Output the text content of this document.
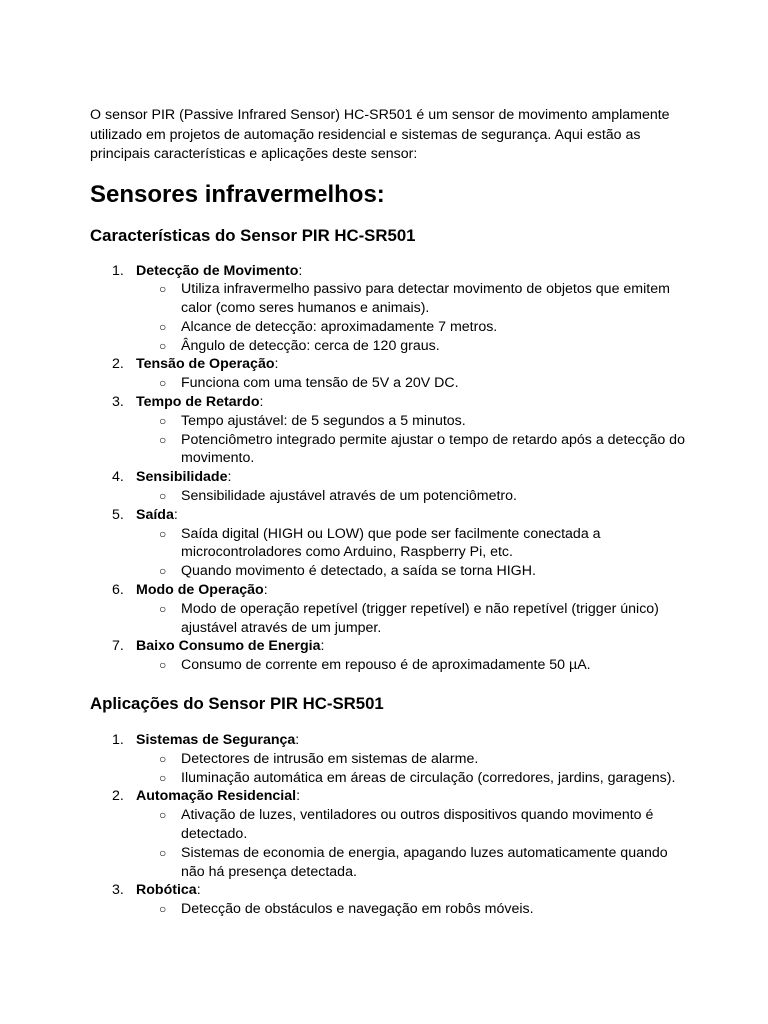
O sensor PIR (Passive Infrared Sensor) HC-SR501 é um sensor de movimento amplamente utilizado em projetos de automação residencial e sistemas de segurança. Aqui estão as principais características e aplicações deste sensor:

Sensores infravermelhos:
Características do Sensor PIR HC-SR501
1. Detecção de Movimento:
○ Utiliza infravermelho passivo para detectar movimento de objetos que emitem calor (como seres humanos e animais).
○ Alcance de detecção: aproximadamente 7 metros.
○ Ângulo de detecção: cerca de 120 graus.
2. Tensão de Operação:
○ Funciona com uma tensão de 5V a 20V DC.
3. Tempo de Retardo:
○ Tempo ajustável: de 5 segundos a 5 minutos.
○ Potenciômetro integrado permite ajustar o tempo de retardo após a detecção do movimento.
4. Sensibilidade:
○ Sensibilidade ajustável através de um potenciômetro.
5. Saída:
○ Saída digital (HIGH ou LOW) que pode ser facilmente conectada a microcontroladores como Arduino, Raspberry Pi, etc.
○ Quando movimento é detectado, a saída se torna HIGH.
6. Modo de Operação:
○ Modo de operação repetível (trigger repetível) e não repetível (trigger único) ajustável através de um jumper.
7. Baixo Consumo de Energia:
○ Consumo de corrente em repouso é de aproximadamente 50 µA.
Aplicações do Sensor PIR HC-SR501
1. Sistemas de Segurança:
○ Detectores de intrusão em sistemas de alarme.
○ Iluminação automática em áreas de circulação (corredores, jardins, garagens).
2. Automação Residencial:
○ Ativação de luzes, ventiladores ou outros dispositivos quando movimento é detectado.
○ Sistemas de economia de energia, apagando luzes automaticamente quando não há presença detectada.
3. Robótica:
○ Detecção de obstáculos e navegação em robôs móveis.
